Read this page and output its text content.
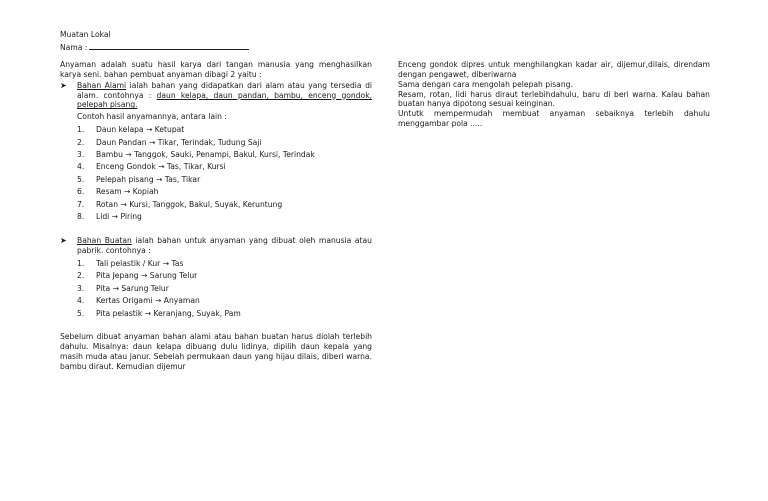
Muatan Lokal
Nama :

Anyaman adalah suatu hasil karya dari tangan manusia yang menghasilkan karya seni. bahan pembuat anyaman dibagi 2 yaitu :

➤ Bahan Alami ialah bahan yang didapatkan dari alam atau yang tersedia di alam. contohnya : daun kelapa, daun pandan, bambu, enceng gondok, pelepah pisang.
Contoh hasil anyamannya, antara lain :
1. Daun kelapa → Ketupat
2. Daun Pandan → Tikar, Terindak, Tudung Saji
3. Bambu → Tanggok, Sauki, Penampi, Bakul, Kursi, Terindak
4. Enceng Gondok → Tas, Tikar, Kursi
5. Pelepah pisang → Tas, Tikar
6. Resam → Kopiah
7. Rotan → Kursi, Tanggok, Bakul, Suyak, Keruntung
8. Lidi → Piring
➤ Bahan Buatan ialah bahan untuk anyaman yang dibuat oleh manusia atau pabrik. contohnya :
1. Tali pelastik / Kur → Tas
2. Pita Jepang → Sarung Telur
3. Pita → Sarung Telur
4. Kertas Origami → Anyaman
5. Pita pelastik → Keranjang, Suyak, Pam

Sebelum dibuat anyaman bahan alami atau bahan buatan harus diolah terlebih dahulu. Misalnya: daun kelapa dibuang dulu lidinya, dipilih daun kepala yang masih muda atau janur. Sebelah permukaan daun yang hijau dilais, diberi warna. bambu diraut. Kemudian dijemur

Enceng gondok dipres untuk menghilangkan kadar air, dijemur,dilais, direndam dengan pengawet, diberiwarna

Sama dengan cara mengolah pelepah pisang.

Resam, rotan, lidi harus diraut terlebihdahulu, baru di beri warna. Kalau bahan buatan hanya dipotong sesuai keinginan.

Untutk mempermudah membuat anyaman sebaiknya terlebih dahulu menggambar pola .....
